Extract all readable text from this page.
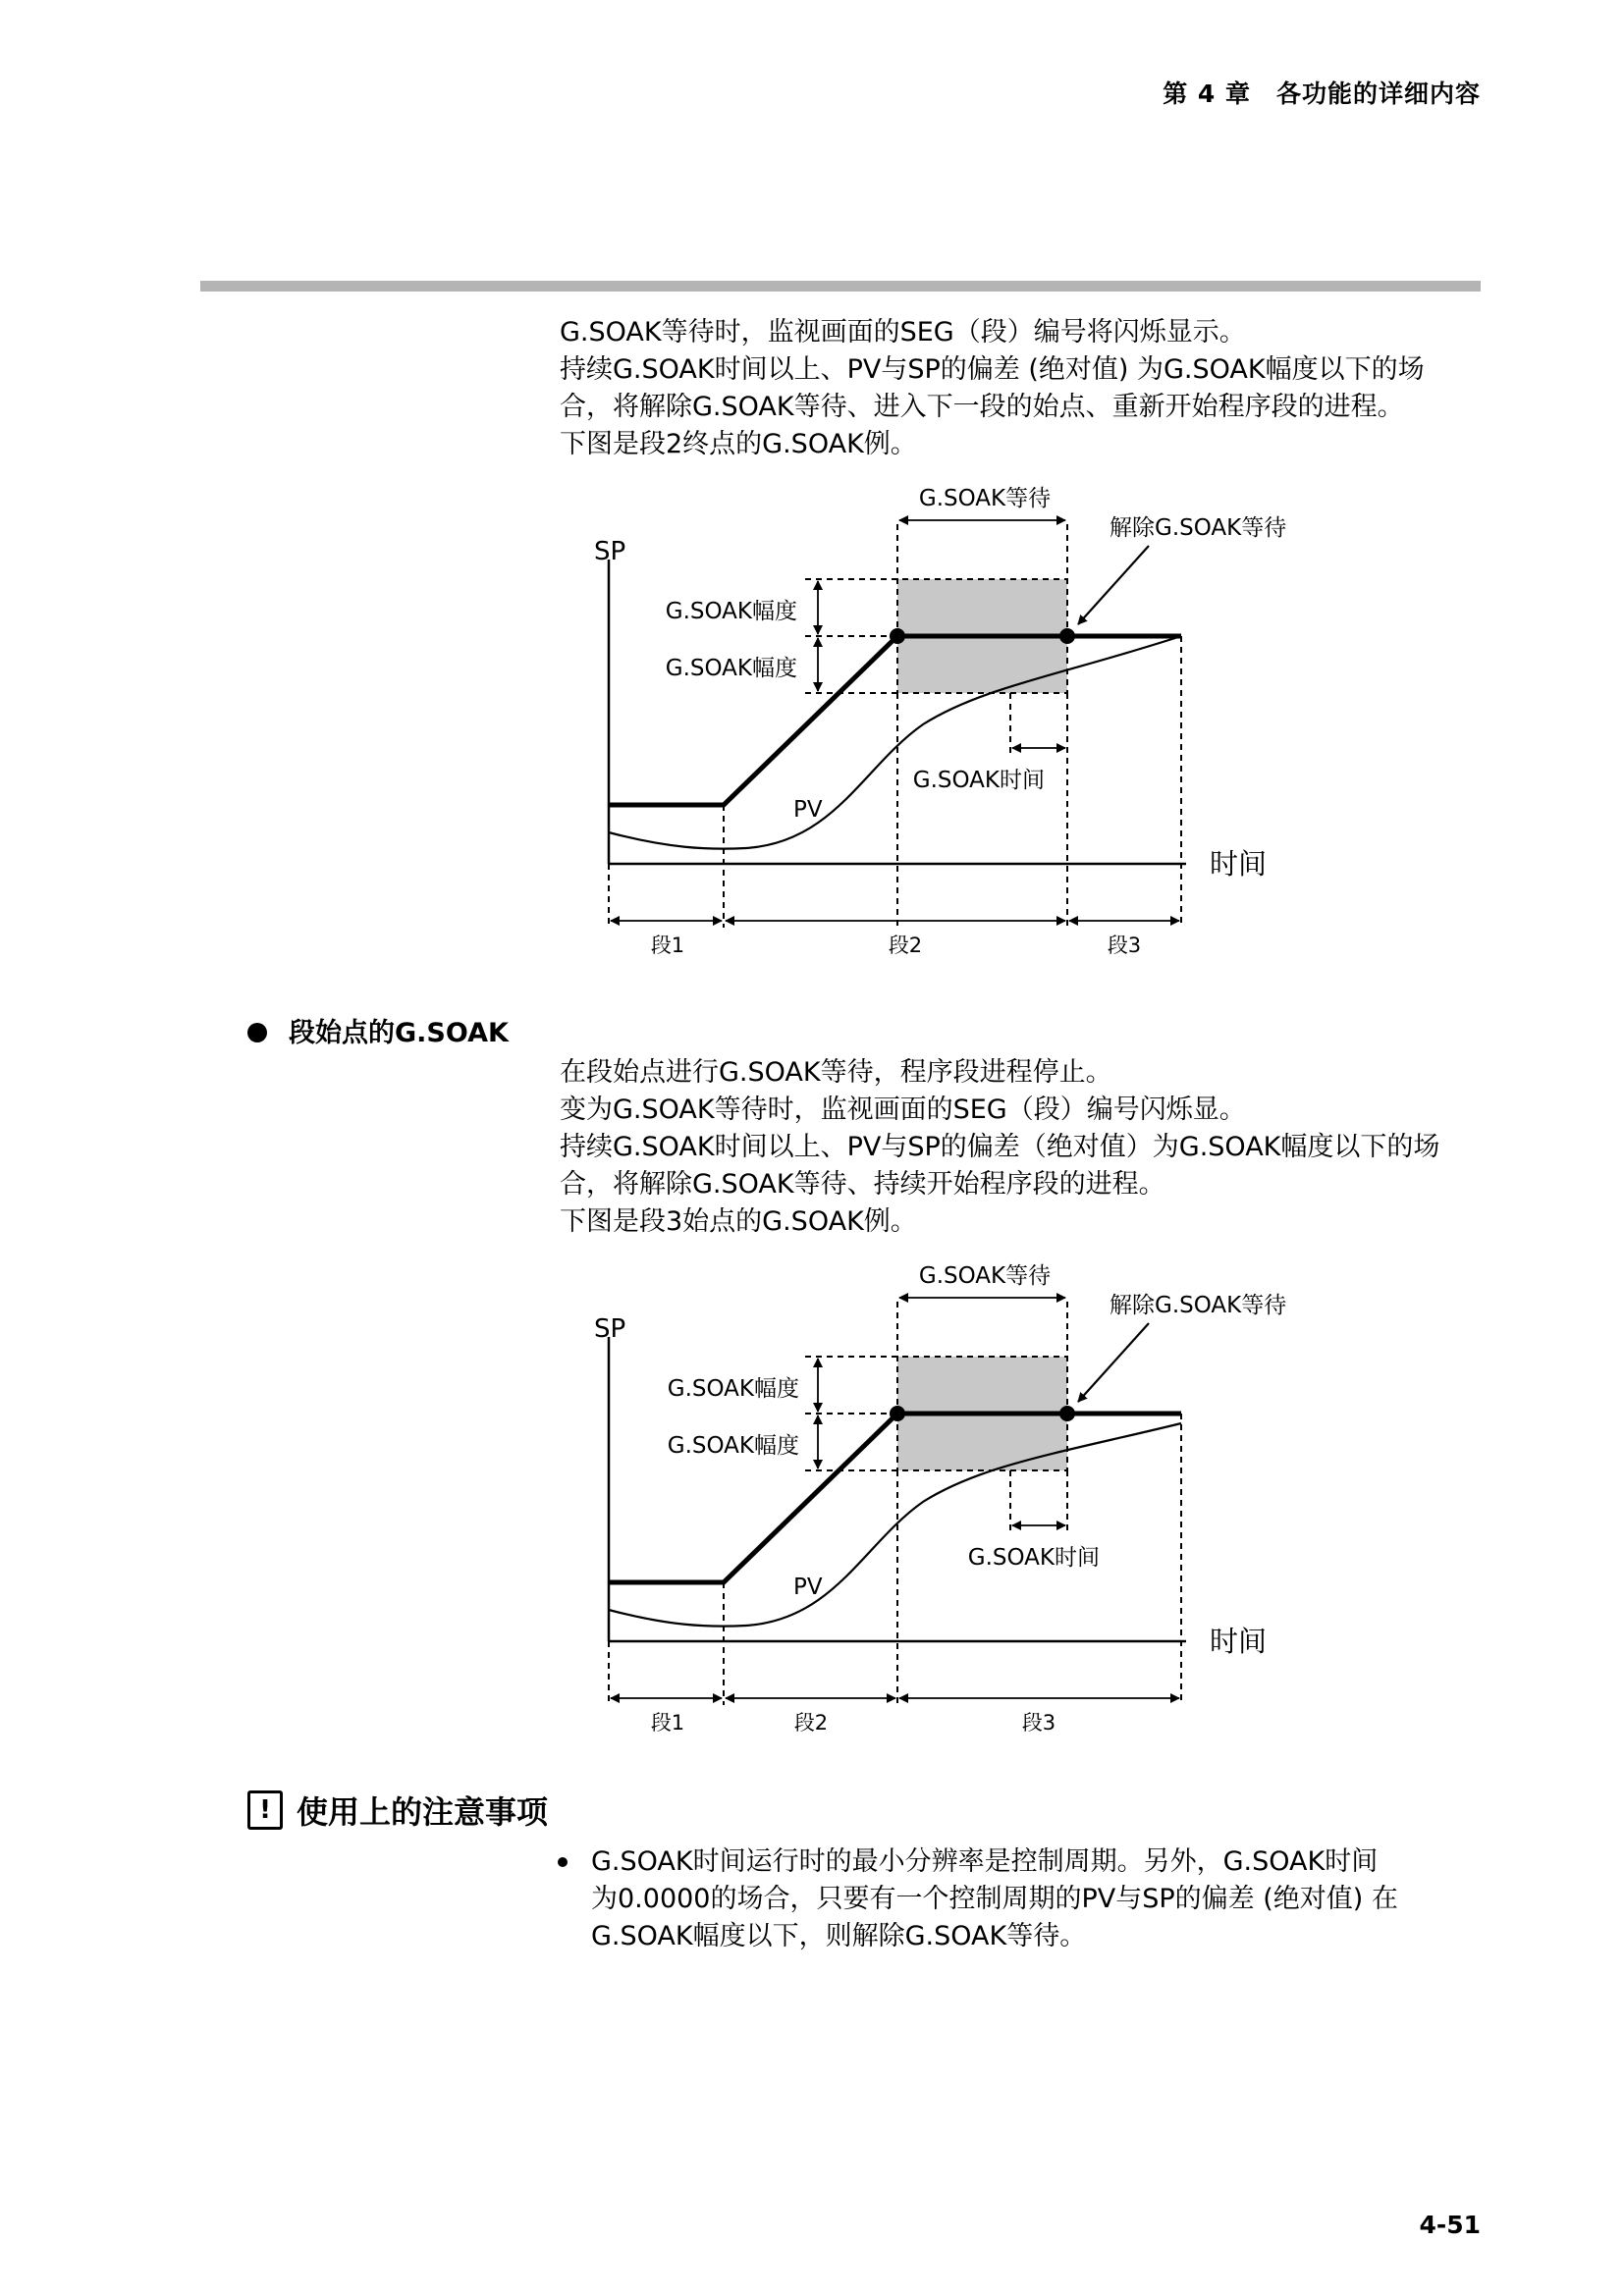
第 4 章　各功能的详细内容
G.SOAK等待时，监视画面的SEG（段）编号将闪烁显示。
持续G.SOAK时间以上、PV与SP的偏差 (绝对值) 为G.SOAK幅度以下的场
合，将解除G.SOAK等待、进入下一段的始点、重新开始程序段的进程。
下图是段2终点的G.SOAK例。
G.SOAK等待
解除G.SOAK等待
SP
G.SOAK幅度
G.SOAK幅度
G.SOAK时间
PV
时间
段1	段2	段3
段始点的G.SOAK
在段始点进行G.SOAK等待，程序段进程停止。
变为G.SOAK等待时，监视画面的SEG（段）编号闪烁显。
持续G.SOAK时间以上、PV与SP的偏差（绝对值）为G.SOAK幅度以下的场
合，将解除G.SOAK等待、持续开始程序段的进程。
下图是段3始点的G.SOAK例。
G.SOAK等待
解除G.SOAK等待
SP
G.SOAK幅度
G.SOAK幅度
G.SOAK时间
PV
时间
段1	段2	段3
! 使用上的注意事项
G.SOAK时间运行时的最小分辨率是控制周期。另外，G.SOAK时间
为0.0000的场合，只要有一个控制周期的PV与SP的偏差 (绝对值) 在
G.SOAK幅度以下，则解除G.SOAK等待。
4-51
